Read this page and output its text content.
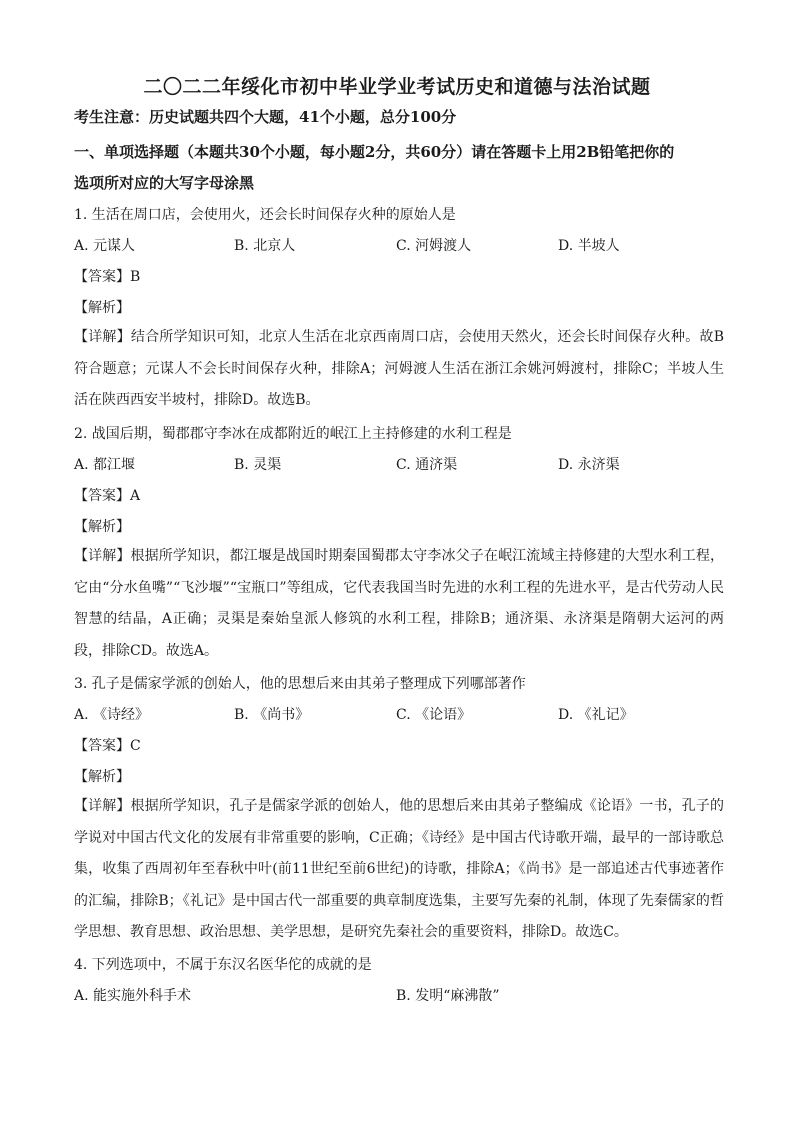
二〇二二年绥化市初中毕业学业考试历史和道德与法治试题
考生注意：历史试题共四个大题，41个小题，总分100分
一、单项选择题（本题共30个小题，每小题2分，共60分）请在答题卡上用2B铅笔把你的
选项所对应的大写字母涂黑
1. 生活在周口店，会使用火，还会长时间保存火种的原始人是
A. 元谋人	B. 北京人	C. 河姆渡人	D. 半坡人
【答案】B
【解析】
【详解】结合所学知识可知，北京人生活在北京西南周口店，会使用天然火，还会长时间保存火种。故B符合题意；元谋人不会长时间保存火种，排除A；河姆渡人生活在浙江余姚河姆渡村，排除C；半坡人生活在陕西西安半坡村，排除D。故选B。
2. 战国后期，蜀郡郡守李冰在成都附近的岷江上主持修建的水利工程是
A. 都江堰	B. 灵渠	C. 通济渠	D. 永济渠
【答案】A
【解析】
【详解】根据所学知识，都江堰是战国时期秦国蜀郡太守李冰父子在岷江流域主持修建的大型水利工程，它由“分水鱼嘴”“飞沙堰”“宝瓶口”等组成，它代表我国当时先进的水利工程的先进水平，是古代劳动人民智慧的结晶，A正确；灵渠是秦始皇派人修筑的水利工程，排除B；通济渠、永济渠是隋朝大运河的两段，排除CD。故选A。
3. 孔子是儒家学派的创始人，他的思想后来由其弟子整理成下列哪部著作
A. 《诗经》	B. 《尚书》	C. 《论语》	D. 《礼记》
【答案】C
【解析】
【详解】根据所学知识，孔子是儒家学派的创始人，他的思想后来由其弟子整编成《论语》一书，孔子的学说对中国古代文化的发展有非常重要的影响，C正确；《诗经》是中国古代诗歌开端，最早的一部诗歌总集，收集了西周初年至春秋中叶(前11世纪至前6世纪)的诗歌，排除A；《尚书》是一部追述古代事迹著作的汇编，排除B；《礼记》是中国古代一部重要的典章制度选集，主要写先秦的礼制，体现了先秦儒家的哲学思想、教育思想、政治思想、美学思想，是研究先秦社会的重要资料，排除D。故选C。
4. 下列选项中，不属于东汉名医华佗的成就的是
A. 能实施外科手术	B. 发明“麻沸散”
